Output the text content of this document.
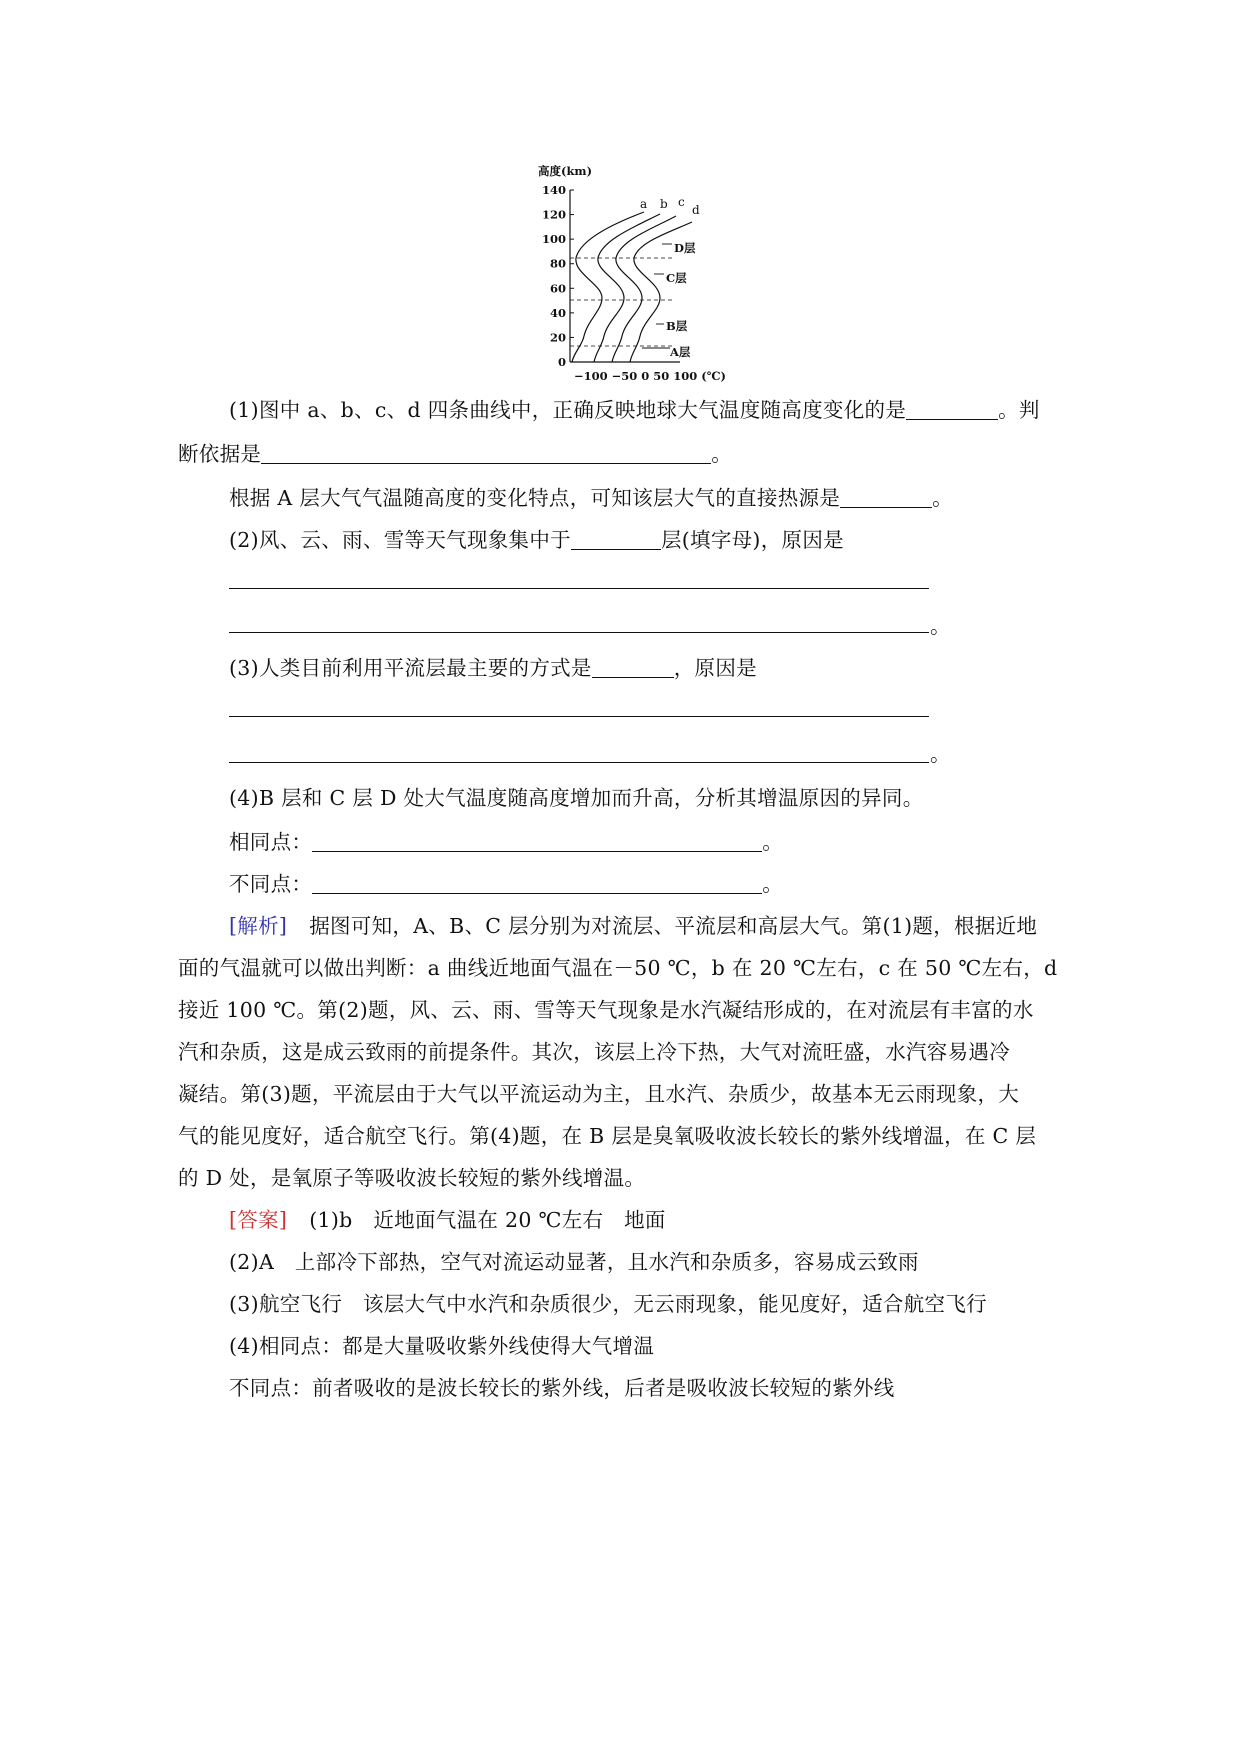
高度(km)
140
120
100
80
60
40
20
0
−100 −50 0 50 100 (℃)
a b c
d
D层
C层
B层
A层
(1)图中 a、b、c、d 四条曲线中，正确反映地球大气温度随高度变化的是	。判
断依据是	。
根据 A 层大气气温随高度的变化特点，可知该层大气的直接热源是	。
(2)风、云、雨、雪等天气现象集中于	层(填字母)，原因是
。
(3)人类目前利用平流层最主要的方式是	，原因是
。
(4)B 层和 C 层 D 处大气温度随高度增加而升高，分析其增温原因的异同。
相同点：	。
不同点：	。
[解析] 据图可知，A、B、C 层分别为对流层、平流层和高层大气。第(1)题，根据近地
面的气温就可以做出判断：a 曲线近地面气温在－50 ℃，b 在 20 ℃左右，c 在 50 ℃左右，d
接近 100 ℃。第(2)题，风、云、雨、雪等天气现象是水汽凝结形成的，在对流层有丰富的水
汽和杂质，这是成云致雨的前提条件。其次，该层上冷下热，大气对流旺盛，水汽容易遇冷
凝结。第(3)题，平流层由于大气以平流运动为主，且水汽、杂质少，故基本无云雨现象，大
气的能见度好，适合航空飞行。第(4)题，在 B 层是臭氧吸收波长较长的紫外线增温，在 C 层
的 D 处，是氧原子等吸收波长较短的紫外线增温。
[答案] (1)b　近地面气温在 20 ℃左右　地面
(2)A　上部冷下部热，空气对流运动显著，且水汽和杂质多，容易成云致雨
(3)航空飞行　该层大气中水汽和杂质很少，无云雨现象，能见度好，适合航空飞行
(4)相同点：都是大量吸收紫外线使得大气增温
不同点：前者吸收的是波长较长的紫外线，后者是吸收波长较短的紫外线
